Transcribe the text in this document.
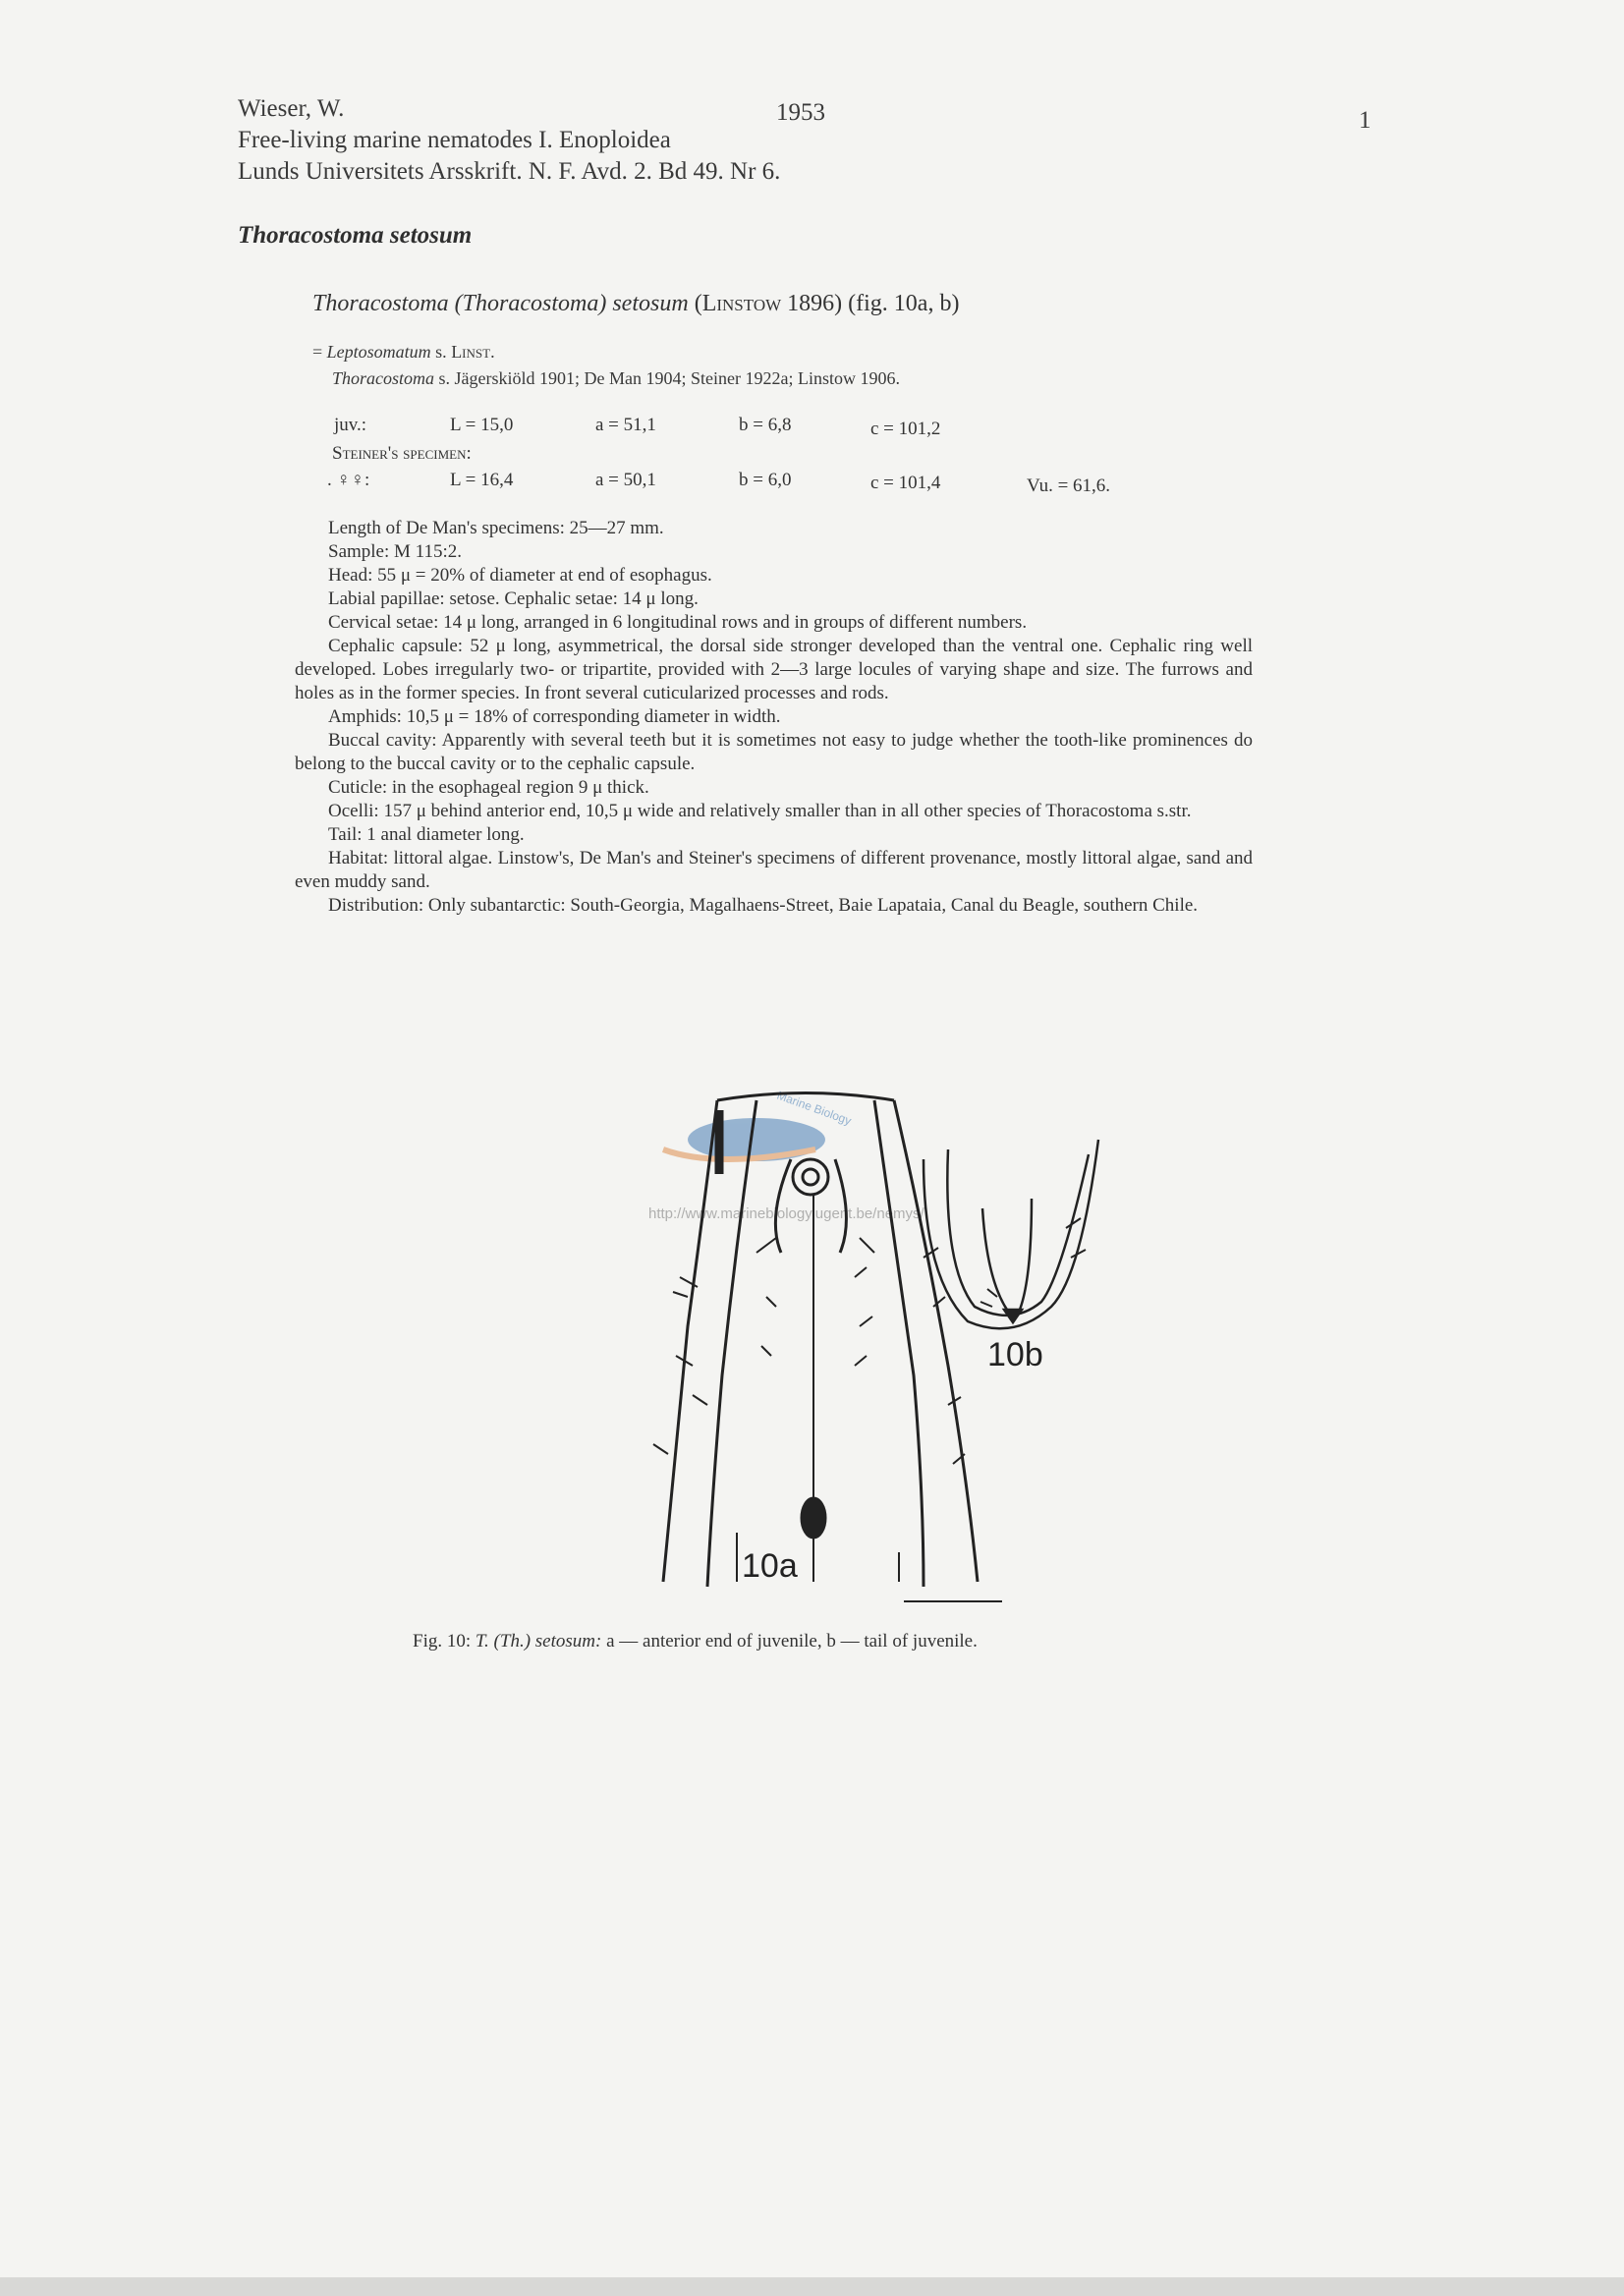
Wieser, W.	1953	1
Free-living marine nematodes I. Enoploidea
Lunds Universitets Arsskrift. N. F. Avd. 2. Bd 49. Nr 6.
Thoracostoma setosum
Thoracostoma (Thoracostoma) setosum (Linstow 1896) (fig. 10a, b)
= Leptosomatum s. Linst.
Thoracostoma s. Jägerskiöld 1901; De Man 1904; Steiner 1922a; Linstow 1906.
juv.:	L = 15,0	a = 51,1	b = 6,8	c = 101,2
Steiner's specimen:
. ♀♀:	L = 16,4	a = 50,1	b = 6,0	c = 101,4	Vu. = 61,6.

Length of De Man's specimens: 25—27 mm.

Sample: M 115:2.

Head: 55 μ = 20% of diameter at end of esophagus.

Labial papillae: setose. Cephalic setae: 14 μ long.

Cervical setae: 14 μ long, arranged in 6 longitudinal rows and in groups of different numbers.

Cephalic capsule: 52 μ long, asymmetrical, the dorsal side stronger developed than the ventral one. Cephalic ring well developed. Lobes irregularly two- or tripartite, provided with 2—3 large locules of varying shape and size. The furrows and holes as in the former species. In front several cuticularized processes and rods.

Amphids: 10,5 μ = 18% of corresponding diameter in width.

Buccal cavity: Apparently with several teeth but it is sometimes not easy to judge whether the tooth-like prominences do belong to the buccal cavity or to the cephalic capsule.

Cuticle: in the esophageal region 9 μ thick.

Ocelli: 157 μ behind anterior end, 10,5 μ wide and relatively smaller than in all other species of Thoracostoma s.str.

Tail: 1 anal diameter long.

Habitat: littoral algae. Linstow's, De Man's and Steiner's specimens of different provenance, mostly littoral algae, sand and even muddy sand.

Distribution: Only subantarctic: South-Georgia, Magalhaens-Street, Baie Lapataia, Canal du Beagle, southern Chile.

Marine Biology
http://www.marinebiology.ugent.be/nemys/
10a
10b
Fig. 10: T. (Th.) setosum: a — anterior end of juvenile, b — tail of juvenile.
